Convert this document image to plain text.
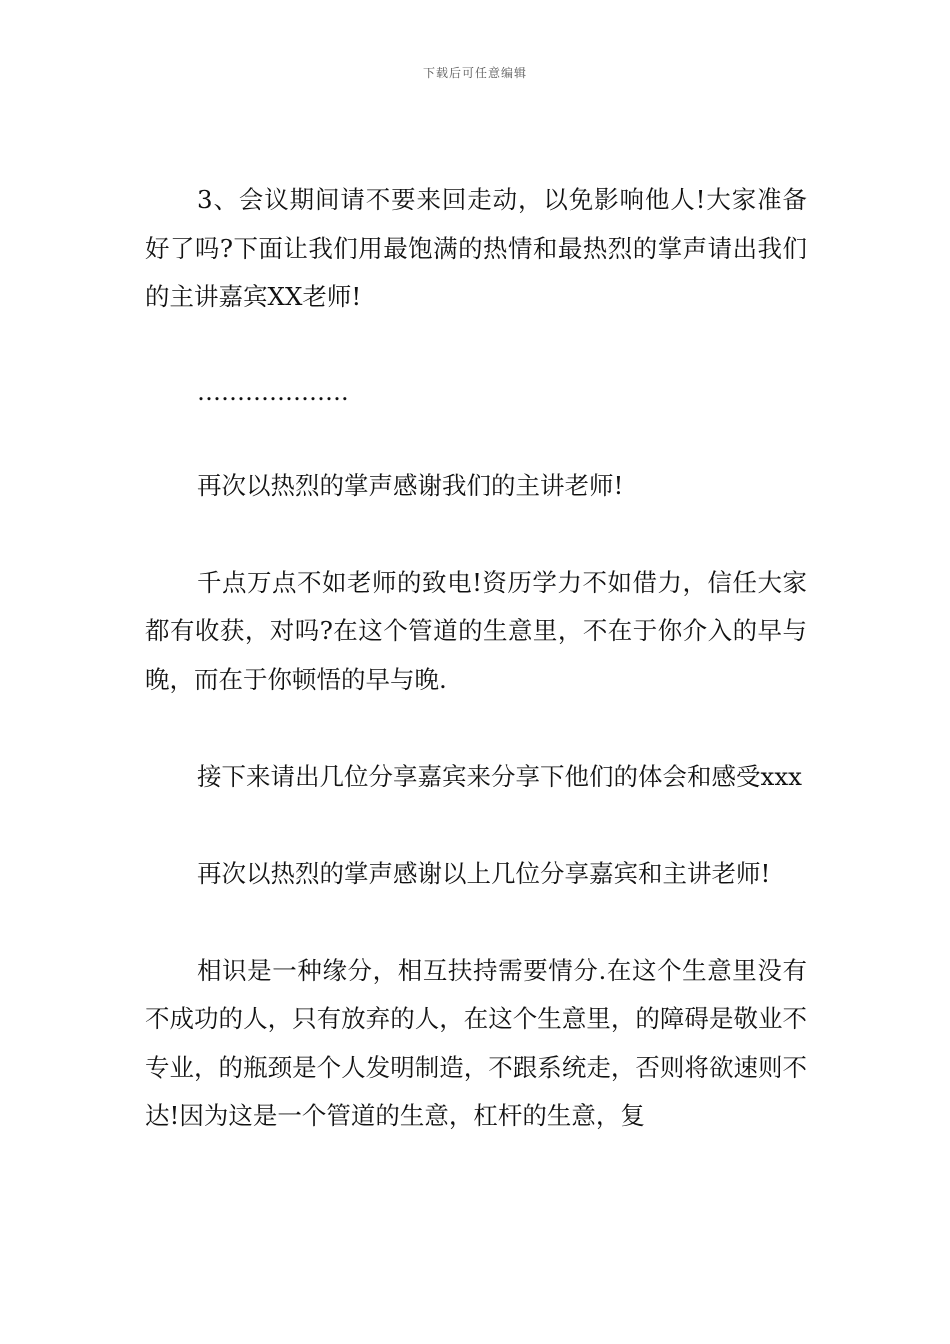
下载后可任意编辑

3、会议期间请不要来回走动，以免影响他人!大家准备好了吗?下面让我们用最饱满的热情和最热烈的掌声请出我们的主讲嘉宾XX老师!

……………….

再次以热烈的掌声感谢我们的主讲老师!

千点万点不如老师的致电!资历学力不如借力，信任大家都有收获，对吗?在这个管道的生意里，不在于你介入的早与晚，而在于你顿悟的早与晚.

接下来请出几位分享嘉宾来分享下他们的体会和感受xxx

再次以热烈的掌声感谢以上几位分享嘉宾和主讲老师!

相识是一种缘分，相互扶持需要情分.在这个生意里没有不成功的人，只有放弃的人，在这个生意里，的障碍是敬业不专业，的瓶颈是个人发明制造，不跟系统走，否则将欲速则不达!因为这是一个管道的生意，杠杆的生意，复
